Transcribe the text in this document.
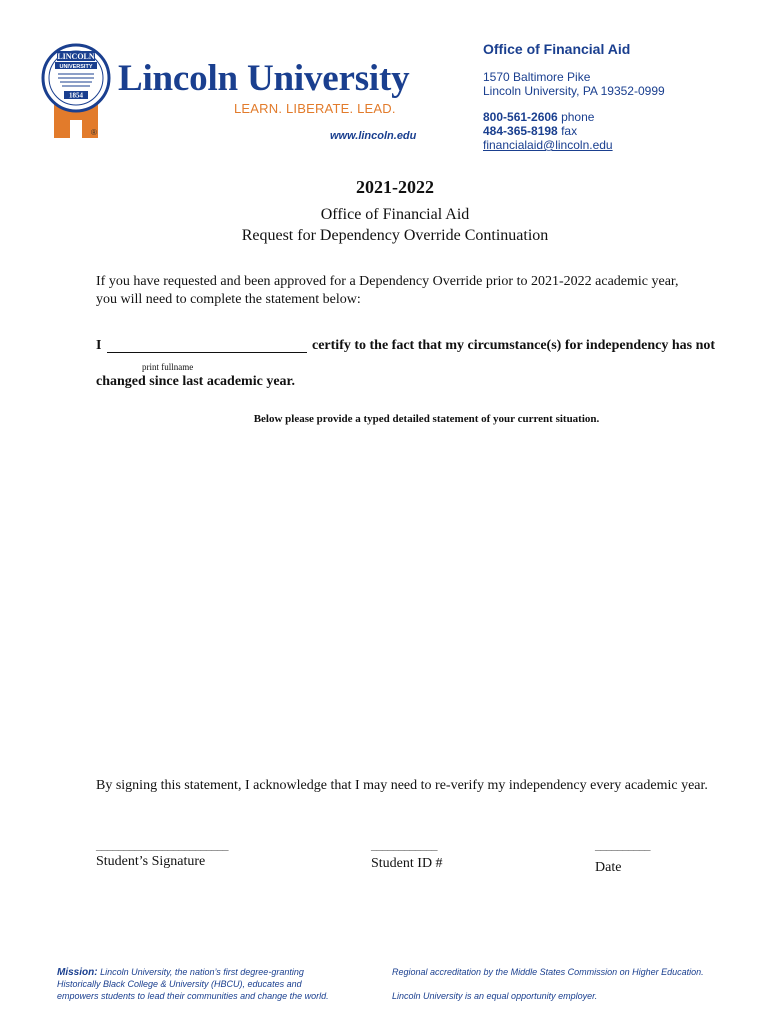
LINCOLN
UNIVERSITY
1854 Lincoln University
LEARN. LIBERATE. LEAD.
®	www.lincoln.edu
Office of Financial Aid
1570 Baltimore Pike
Lincoln University, PA 19352-0999
800-561-2606 phone
484-365-8198 fax
financialaid@lincoln.edu
2021-2022
Office of Financial Aid
Request for Dependency Override Continuation
If you have requested and been approved for a Dependency Override prior to 2021-2022 academic year,
you will need to complete the statement below:
I	certify to the fact that my circumstance(s) for independency has not
print fullname
changed since last academic year.
Below please provide a typed detailed statement of your current situation.
By signing this statement, I acknowledge that I may need to re-verify my independency every academic year.
________________________	____________	__________
Student’s Signature	Student ID #	Date
Mission: Lincoln University, the nation’s first degree-granting
Historically Black College & University (HBCU), educates and
empowers students to lead their communities and change the world.
Regional accreditation by the Middle States Commission on Higher Education.
Lincoln University is an equal opportunity employer.
